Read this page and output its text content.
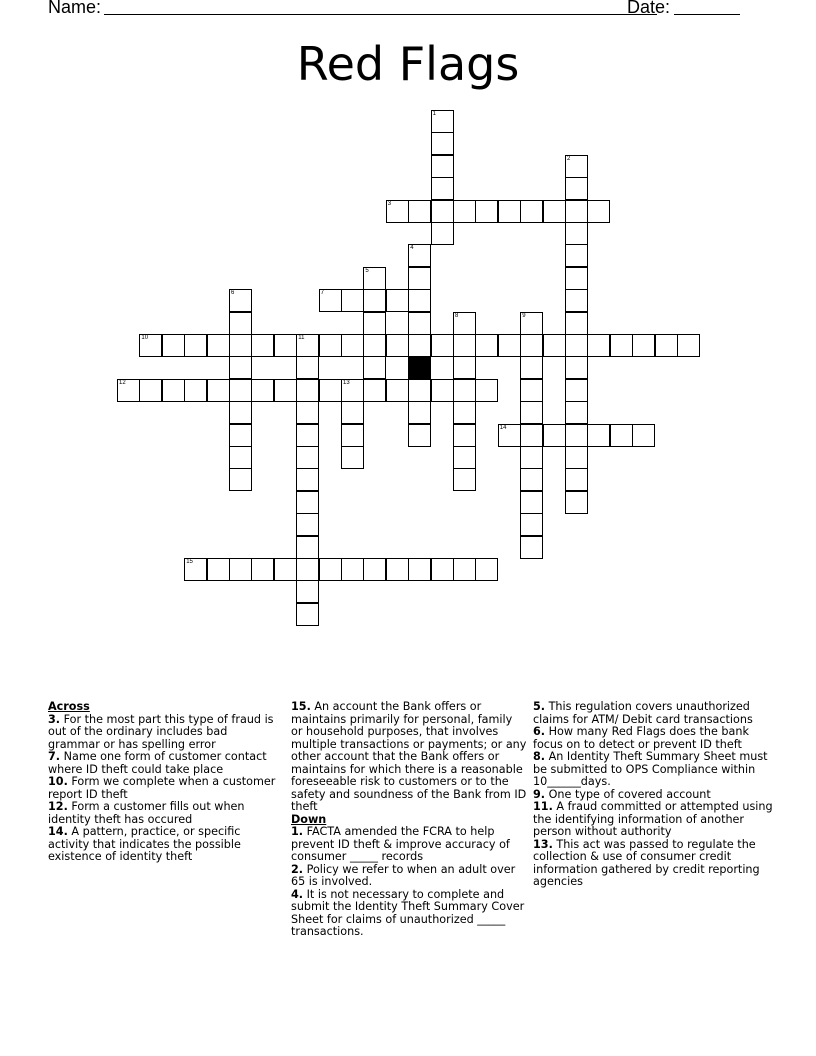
Name:	Date:
Red Flags
1
2
3
4
5
6	7
8	9
10	11
12	13
14
15
Across
3. For the most part this type of fraud is out of the ordinary includes bad grammar or has spelling error
7. Name one form of customer contact where ID theft could take place
10. Form we complete when a customer report ID theft
12. Form a customer fills out when identity theft has occured
14. A pattern, practice, or specific activity that indicates the possible existence of identity theft
15. An account the Bank offers or maintains primarily for personal, family or household purposes, that involves multiple transactions or payments; or any other account that the Bank offers or maintains for which there is a reasonable foreseeable risk to customers or to the safety and soundness of the Bank from ID theft
Down
1. FACTA amended the FCRA to help prevent ID theft & improve accuracy of consumer _____ records
2. Policy we refer to when an adult over 65 is involved.
4. It is not necessary to complete and submit the Identity Theft Summary Cover Sheet for claims of unauthorized _____ transactions.
5. This regulation covers unauthorized claims for ATM/ Debit card transactions
6. How many Red Flags does the bank focus on to detect or prevent ID theft
8. An Identity Theft Summary Sheet must be submitted to OPS Compliance within 10______days.
9. One type of covered account
11. A fraud committed or attempted using the identifying information of another person without authority
13. This act was passed to regulate the collection & use of consumer credit information gathered by credit reporting agencies
